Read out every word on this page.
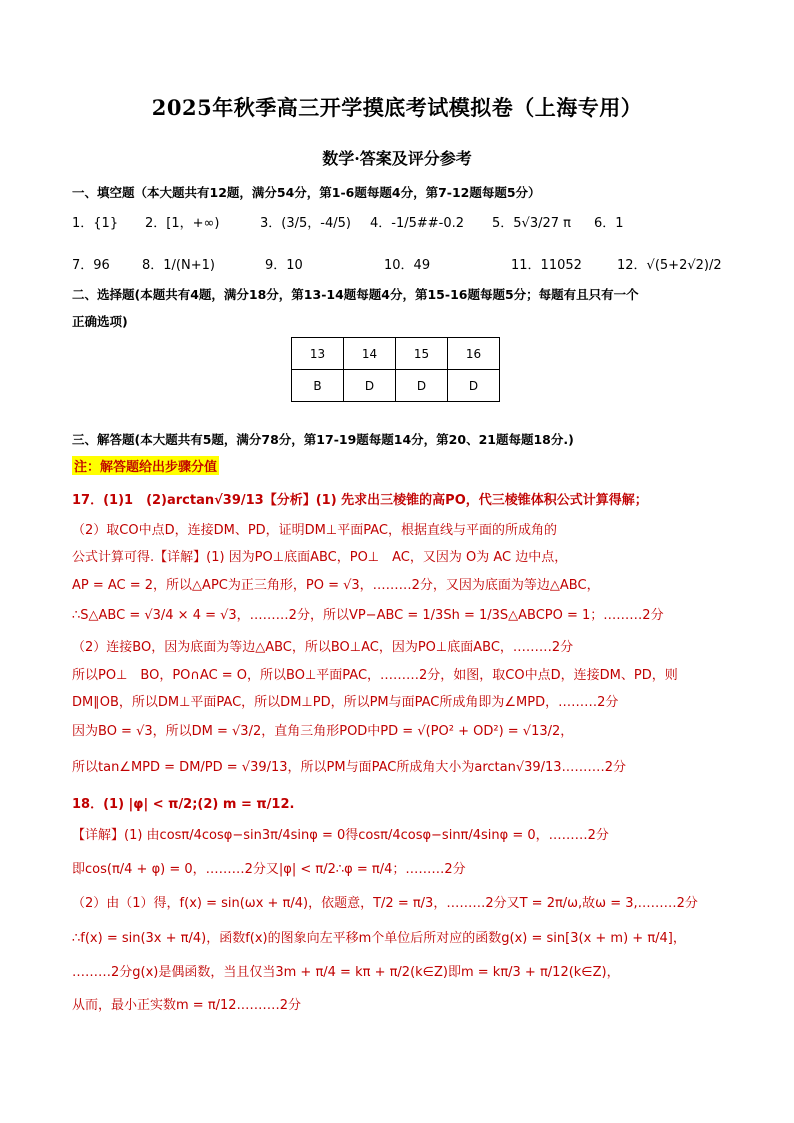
2025年秋季高三开学摸底考试模拟卷（上海专用）
数学·答案及评分参考
一、填空题（本大题共有12题，满分54分，第1-6题每题4分，第7-12题每题5分）
1．{1} 2．[1，+∞)	3．(3/5，-4/5) 4．-1/5##-0.2 5．5√3/27 π 6．1
7．96 8．1/(N+1)	9．10	10．49	11．11052	12．√(5+2√2)/2
二、选择题(本题共有4题，满分18分，第13-14题每题4分，第15-16题每题5分；每题有且只有一个
正确选项)
13	14	15	16
B	D	D	D
三、解答题(本大题共有5题，满分78分，第17-19题每题14分，第20、21题每题18分.)
注：解答题给出步骤分值
17．(1)1　(2)arctan√39/13【分析】(1) 先求出三棱锥的高PO，代三棱锥体积公式计算得解；
（2）取CO中点D，连接DM、PD，证明DM⊥平面PAC，根据直线与平面的所成角的
公式计算可得.【详解】(1) 因为PO⊥底面ABC，PO⊥　AC，又因为 O为 AC 边中点，
AP = AC = 2，所以△APC为正三角形，PO = √3，………2分，又因为底面为等边△ABC，
∴S△ABC = √3/4 × 4 = √3，………2分，所以VP−ABC = 1/3Sh = 1/3S△ABCPO = 1；………2分
（2）连接BO，因为底面为等边△ABC，所以BO⊥AC，因为PO⊥底面ABC，………2分
所以PO⊥　BO，PO∩AC = O，所以BO⊥平面PAC，………2分，如图，取CO中点D，连接DM、PD，则
DM∥OB，所以DM⊥平面PAC，所以DM⊥PD，所以PM与面PAC所成角即为∠MPD，………2分
因为BO = √3，所以DM = √3/2，直角三角形POD中PD = √(PO² + OD²) = √13/2，
所以tan∠MPD = DM/PD = √39/13，所以PM与面PAC所成角大小为arctan√39/13.………2分
18．(1) |φ| < π/2;(2) m = π/12.
【详解】(1) 由cosπ/4cosφ−sin3π/4sinφ = 0得cosπ/4cosφ−sinπ/4sinφ = 0，………2分
即cos(π/4 + φ) = 0，………2分又|φ| < π/2∴φ = π/4；………2分
（2）由（1）得，f(x) = sin(ωx + π/4)，依题意，T/2 = π/3，………2分又T = 2π/ω,故ω = 3,………2分
∴f(x) = sin(3x + π/4)，函数f(x)的图象向左平移m个单位后所对应的函数g(x) = sin[3(x + m) + π/4]，
………2分g(x)是偶函数，当且仅当3m + π/4 = kπ + π/2(k∈Z)即m = kπ/3 + π/12(k∈Z)，
从而，最小正实数m = π/12.………2分
